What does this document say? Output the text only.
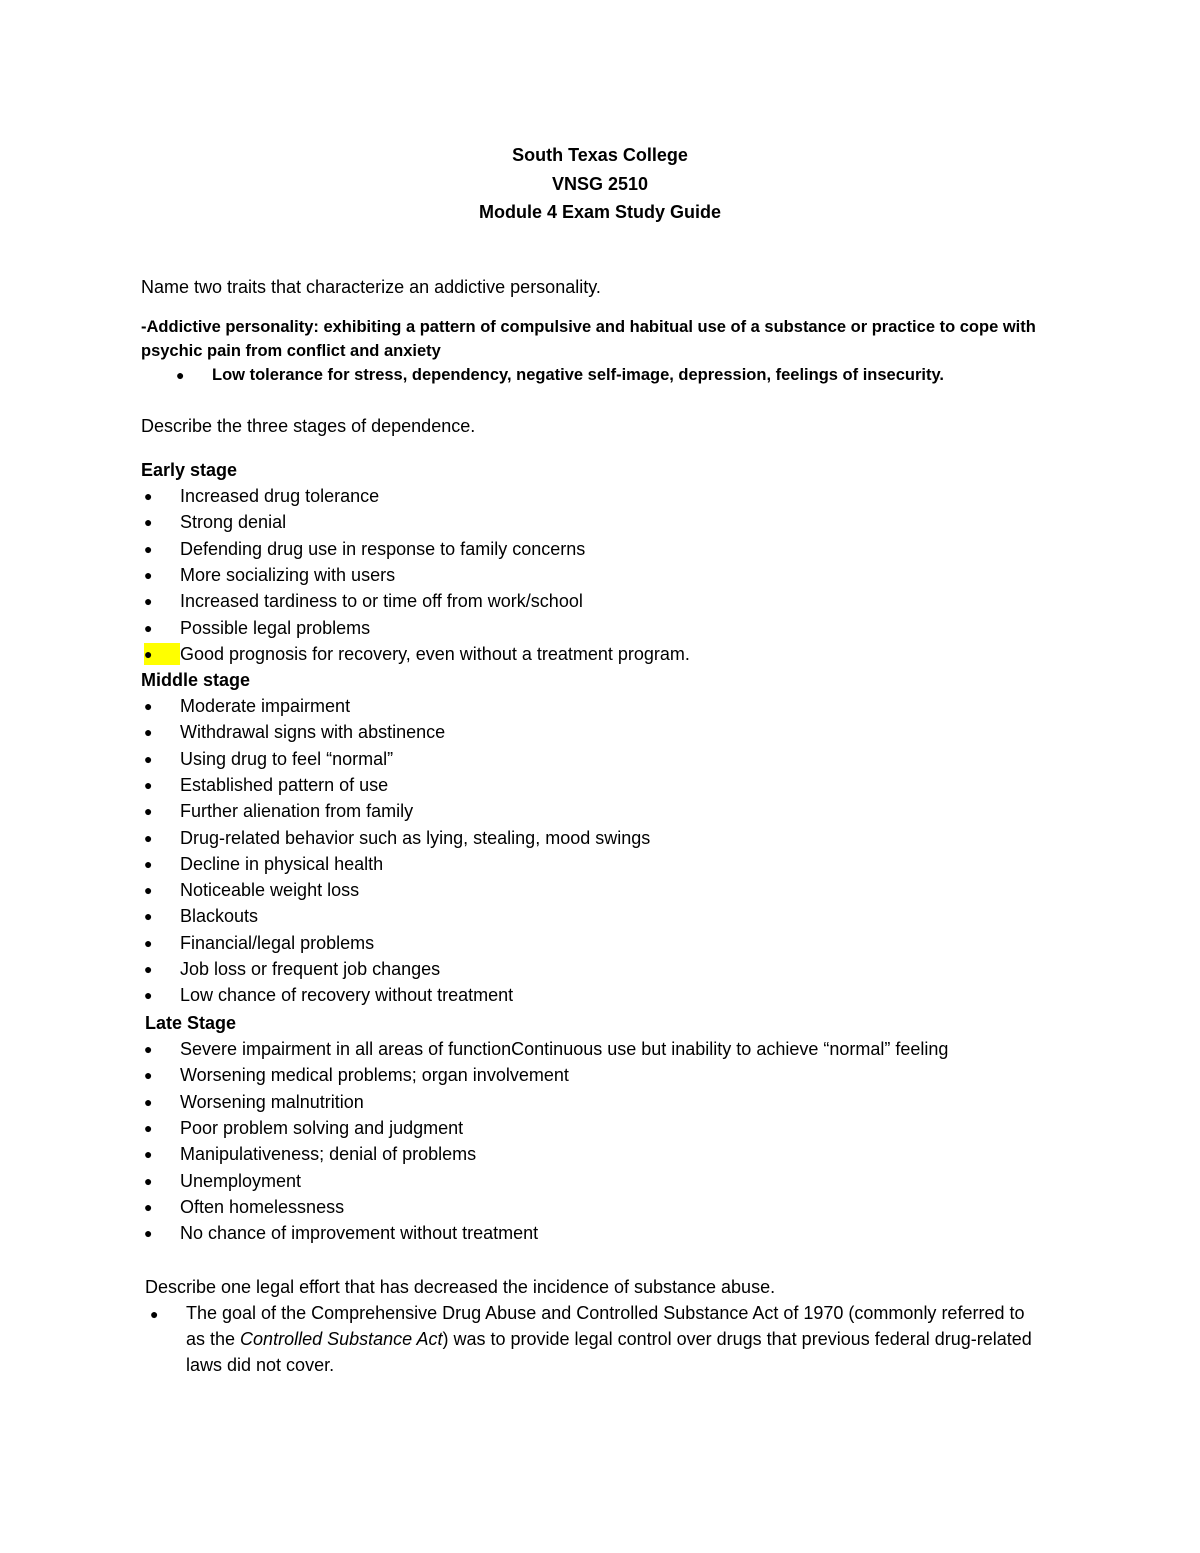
South Texas College
VNSG 2510
Module 4 Exam Study Guide
Name two traits that characterize an addictive personality.
-Addictive personality: exhibiting a pattern of compulsive and habitual use of a substance or practice to cope with
psychic pain from conflict and anxiety
●	Low tolerance for stress, dependency, negative self-image, depression, feelings of insecurity.
Describe the three stages of dependence.
Early stage
●	Increased drug tolerance
●	Strong denial
●	Defending drug use in response to family concerns
●	More socializing with users
●	Increased tardiness to or time off from work/school
●	Possible legal problems
●	Good prognosis for recovery, even without a treatment program.
Middle stage
●	Moderate impairment
●	Withdrawal signs with abstinence
●	Using drug to feel “normal”
●	Established pattern of use
●	Further alienation from family
●	Drug-related behavior such as lying, stealing, mood swings
●	Decline in physical health
●	Noticeable weight loss
●	Blackouts
●	Financial/legal problems
●	Job loss or frequent job changes
●	Low chance of recovery without treatment
Late Stage
●	Severe impairment in all areas of functionContinuous use but inability to achieve “normal” feeling
●	Worsening medical problems; organ involvement
●	Worsening malnutrition
●	Poor problem solving and judgment
●	Manipulativeness; denial of problems
●	Unemployment
●	Often homelessness
●	No chance of improvement without treatment
Describe one legal effort that has decreased the incidence of substance abuse.
●	The goal of the Comprehensive Drug Abuse and Controlled Substance Act of 1970 (commonly referred to as the Controlled Substance Act) was to provide legal control over drugs that previous federal drug-related laws did not cover.
